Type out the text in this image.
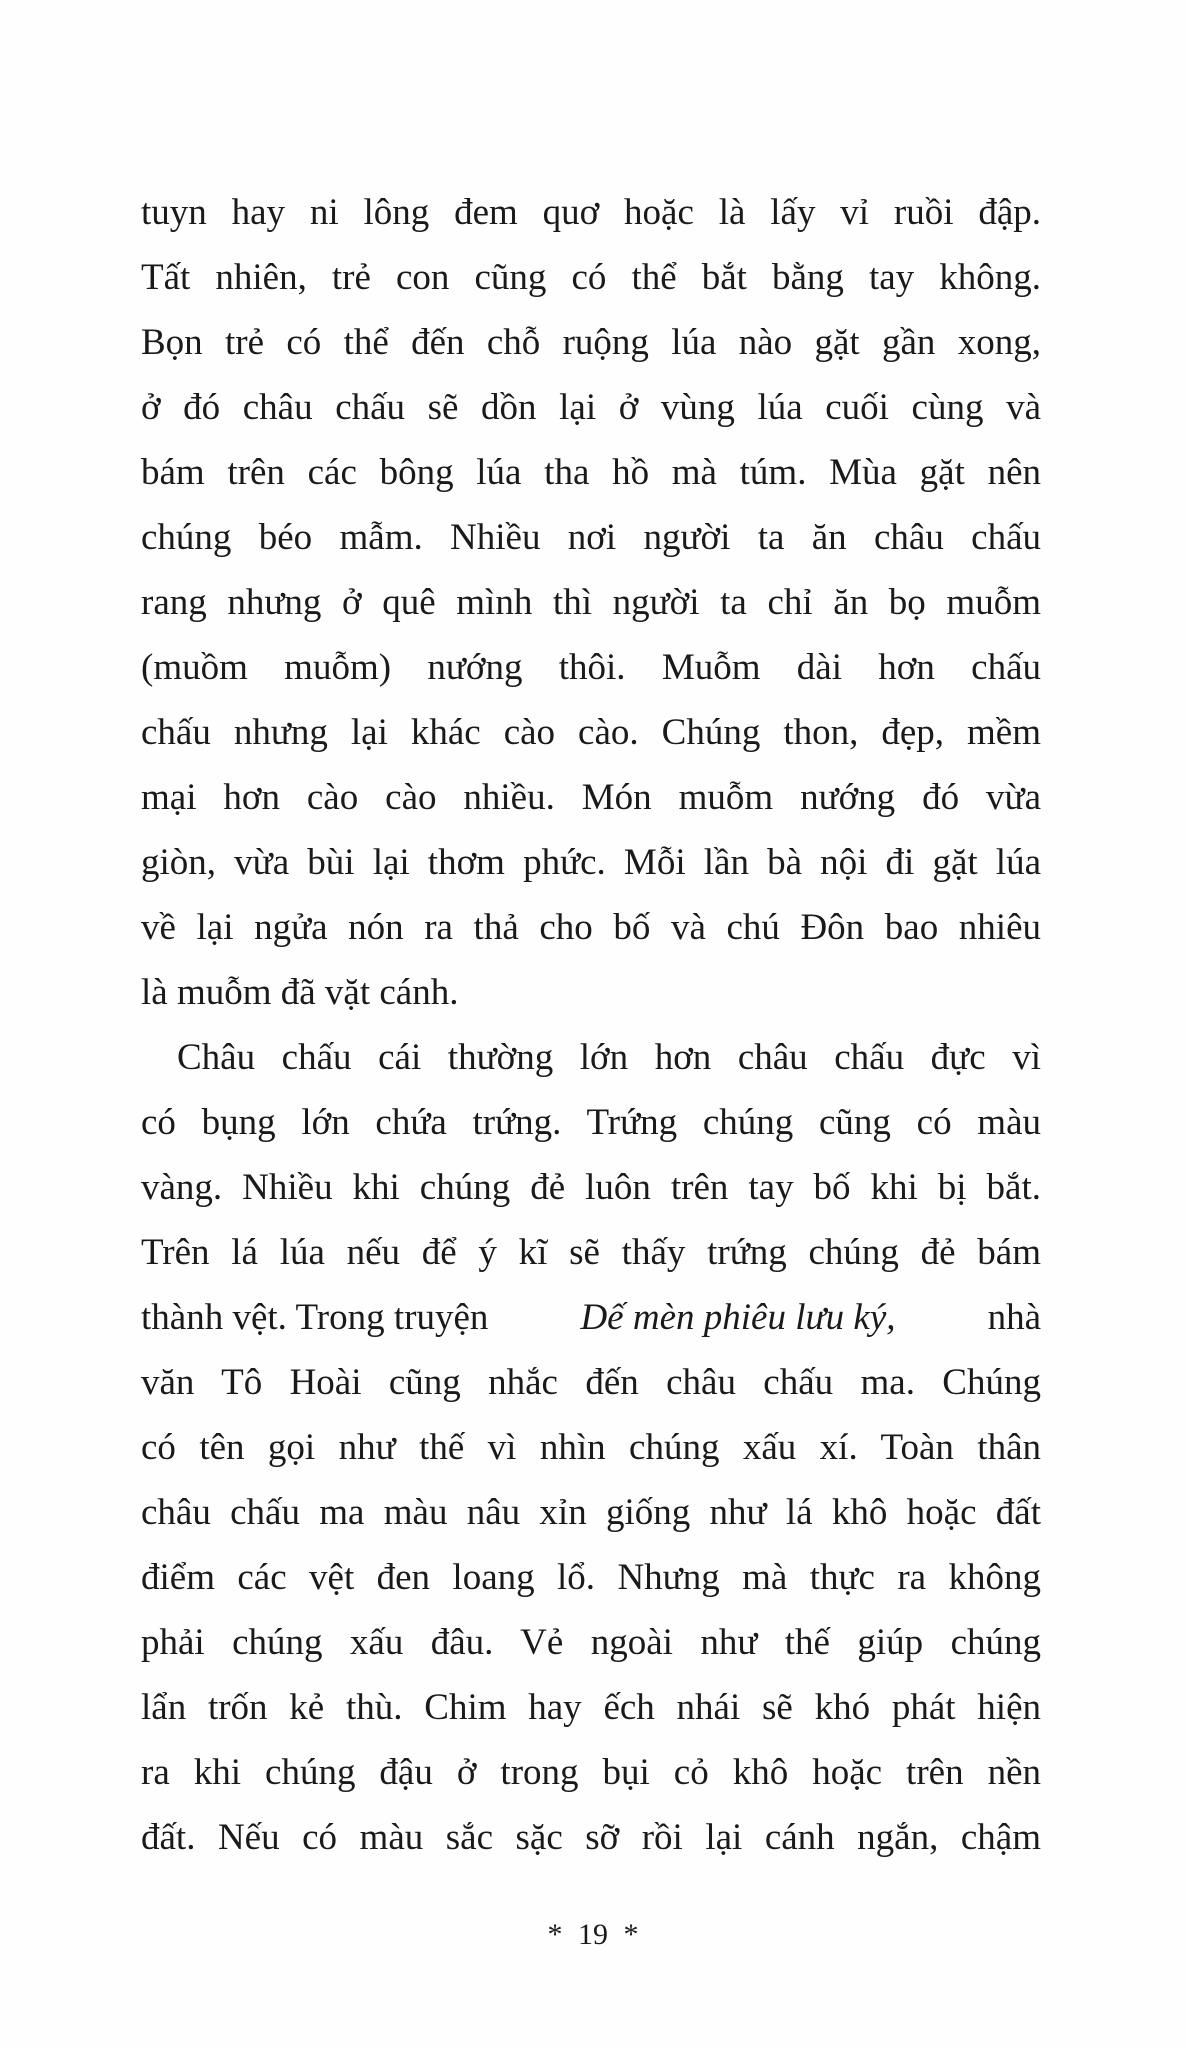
tuyn hay ni lông đem quơ hoặc là lấy vỉ ruồi đập.
Tất nhiên, trẻ con cũng có thể bắt bằng tay không.
Bọn trẻ có thể đến chỗ ruộng lúa nào gặt gần xong,
ở đó châu chấu sẽ dồn lại ở vùng lúa cuối cùng và
bám trên các bông lúa tha hồ mà túm. Mùa gặt nên
chúng béo mẫm. Nhiều nơi người ta ăn châu chấu
rang nhưng ở quê mình thì người ta chỉ ăn bọ muỗm
(muồm muỗm) nướng thôi. Muỗm dài hơn chấu
chấu nhưng lại khác cào cào. Chúng thon, đẹp, mềm
mại hơn cào cào nhiều. Món muỗm nướng đó vừa
giòn, vừa bùi lại thơm phức. Mỗi lần bà nội đi gặt lúa
về lại ngửa nón ra thả cho bố và chú Đôn bao nhiêu
là muỗm đã vặt cánh.
Châu chấu cái thường lớn hơn châu chấu đực vì
có bụng lớn chứa trứng. Trứng chúng cũng có màu
vàng. Nhiều khi chúng đẻ luôn trên tay bố khi bị bắt.
Trên lá lúa nếu để ý kĩ sẽ thấy trứng chúng đẻ bám
thành vệt. Trong truyện Dế mèn phiêu lưu ký, nhà
văn Tô Hoài cũng nhắc đến châu chấu ma. Chúng
có tên gọi như thế vì nhìn chúng xấu xí. Toàn thân
châu chấu ma màu nâu xỉn giống như lá khô hoặc đất
điểm các vệt đen loang lổ. Nhưng mà thực ra không
phải chúng xấu đâu. Vẻ ngoài như thế giúp chúng
lẩn trốn kẻ thù. Chim hay ếch nhái sẽ khó phát hiện
ra khi chúng đậu ở trong bụi cỏ khô hoặc trên nền
đất. Nếu có màu sắc sặc sỡ rồi lại cánh ngắn, chậm
* 19 *
